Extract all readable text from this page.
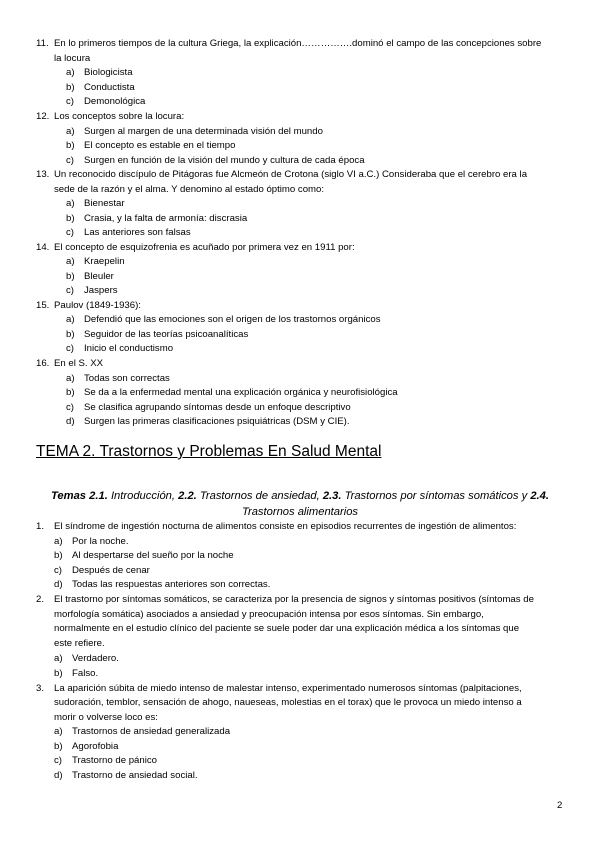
11. En lo primeros tiempos de la cultura Griega, la explicación…………….dominó el campo de las concepciones sobre
la locura
a) Biologicista
b) Conductista
c) Demonológica
12. Los conceptos sobre la locura:
a) Surgen al margen de una determinada visión del mundo
b) El concepto es estable en el tiempo
c) Surgen en función de la visión del mundo y cultura de cada época
13. Un reconocido discípulo de Pitágoras fue Alcmeón de Crotona (siglo VI a.C.) Consideraba que el cerebro era la
sede de la razón y el alma. Y denomino al estado óptimo como:
a) Bienestar
b) Crasia, y la falta de armonía: discrasia
c) Las anteriores son falsas
14. El concepto de esquizofrenia es acuñado por primera vez en 1911 por:
a) Kraepelin
b) Bleuler
c) Jaspers
15. Paulov (1849-1936):
a) Defendió que las emociones son el origen de los trastornos orgánicos
b) Seguidor de las teorías psicoanalíticas
c) Inicio el conductismo
16. En el S. XX
a) Todas son correctas
b) Se da a la enfermedad mental una explicación orgánica y neurofisiológica
c) Se clasifica agrupando síntomas desde un enfoque descriptivo
d) Surgen las primeras clasificaciones psiquiátricas (DSM y CIE).
TEMA 2. Trastornos y Problemas En Salud Mental
Temas 2.1. Introducción, 2.2. Trastornos de ansiedad, 2.3. Trastornos por síntomas somáticos y 2.4.
Trastornos alimentarios
1. El síndrome de ingestión nocturna de alimentos consiste en episodios recurrentes de ingestión de alimentos:
a) Por la noche.
b) Al despertarse del sueño por la noche
c) Después de cenar
d) Todas las respuestas anteriores son correctas.
2. El trastorno por síntomas somáticos, se caracteriza por la presencia de signos y síntomas positivos (síntomas de
morfología somática) asociados a ansiedad y preocupación intensa por esos síntomas. Sin embargo,
normalmente en el estudio clínico del paciente se suele poder dar una explicación médica a los síntomas que
este refiere.
a) Verdadero.
b) Falso.
3. La aparición súbita de miedo intenso de malestar intenso, experimentado numerosos síntomas (palpitaciones,
sudoración, temblor, sensación de ahogo, naueseas, molestias en el torax) que le provoca un miedo intenso a
morir o volverse loco es:
a) Trastornos de ansiedad generalizada
b) Agorofobia
c) Trastorno de pánico
d) Trastorno de ansiedad social.
2
